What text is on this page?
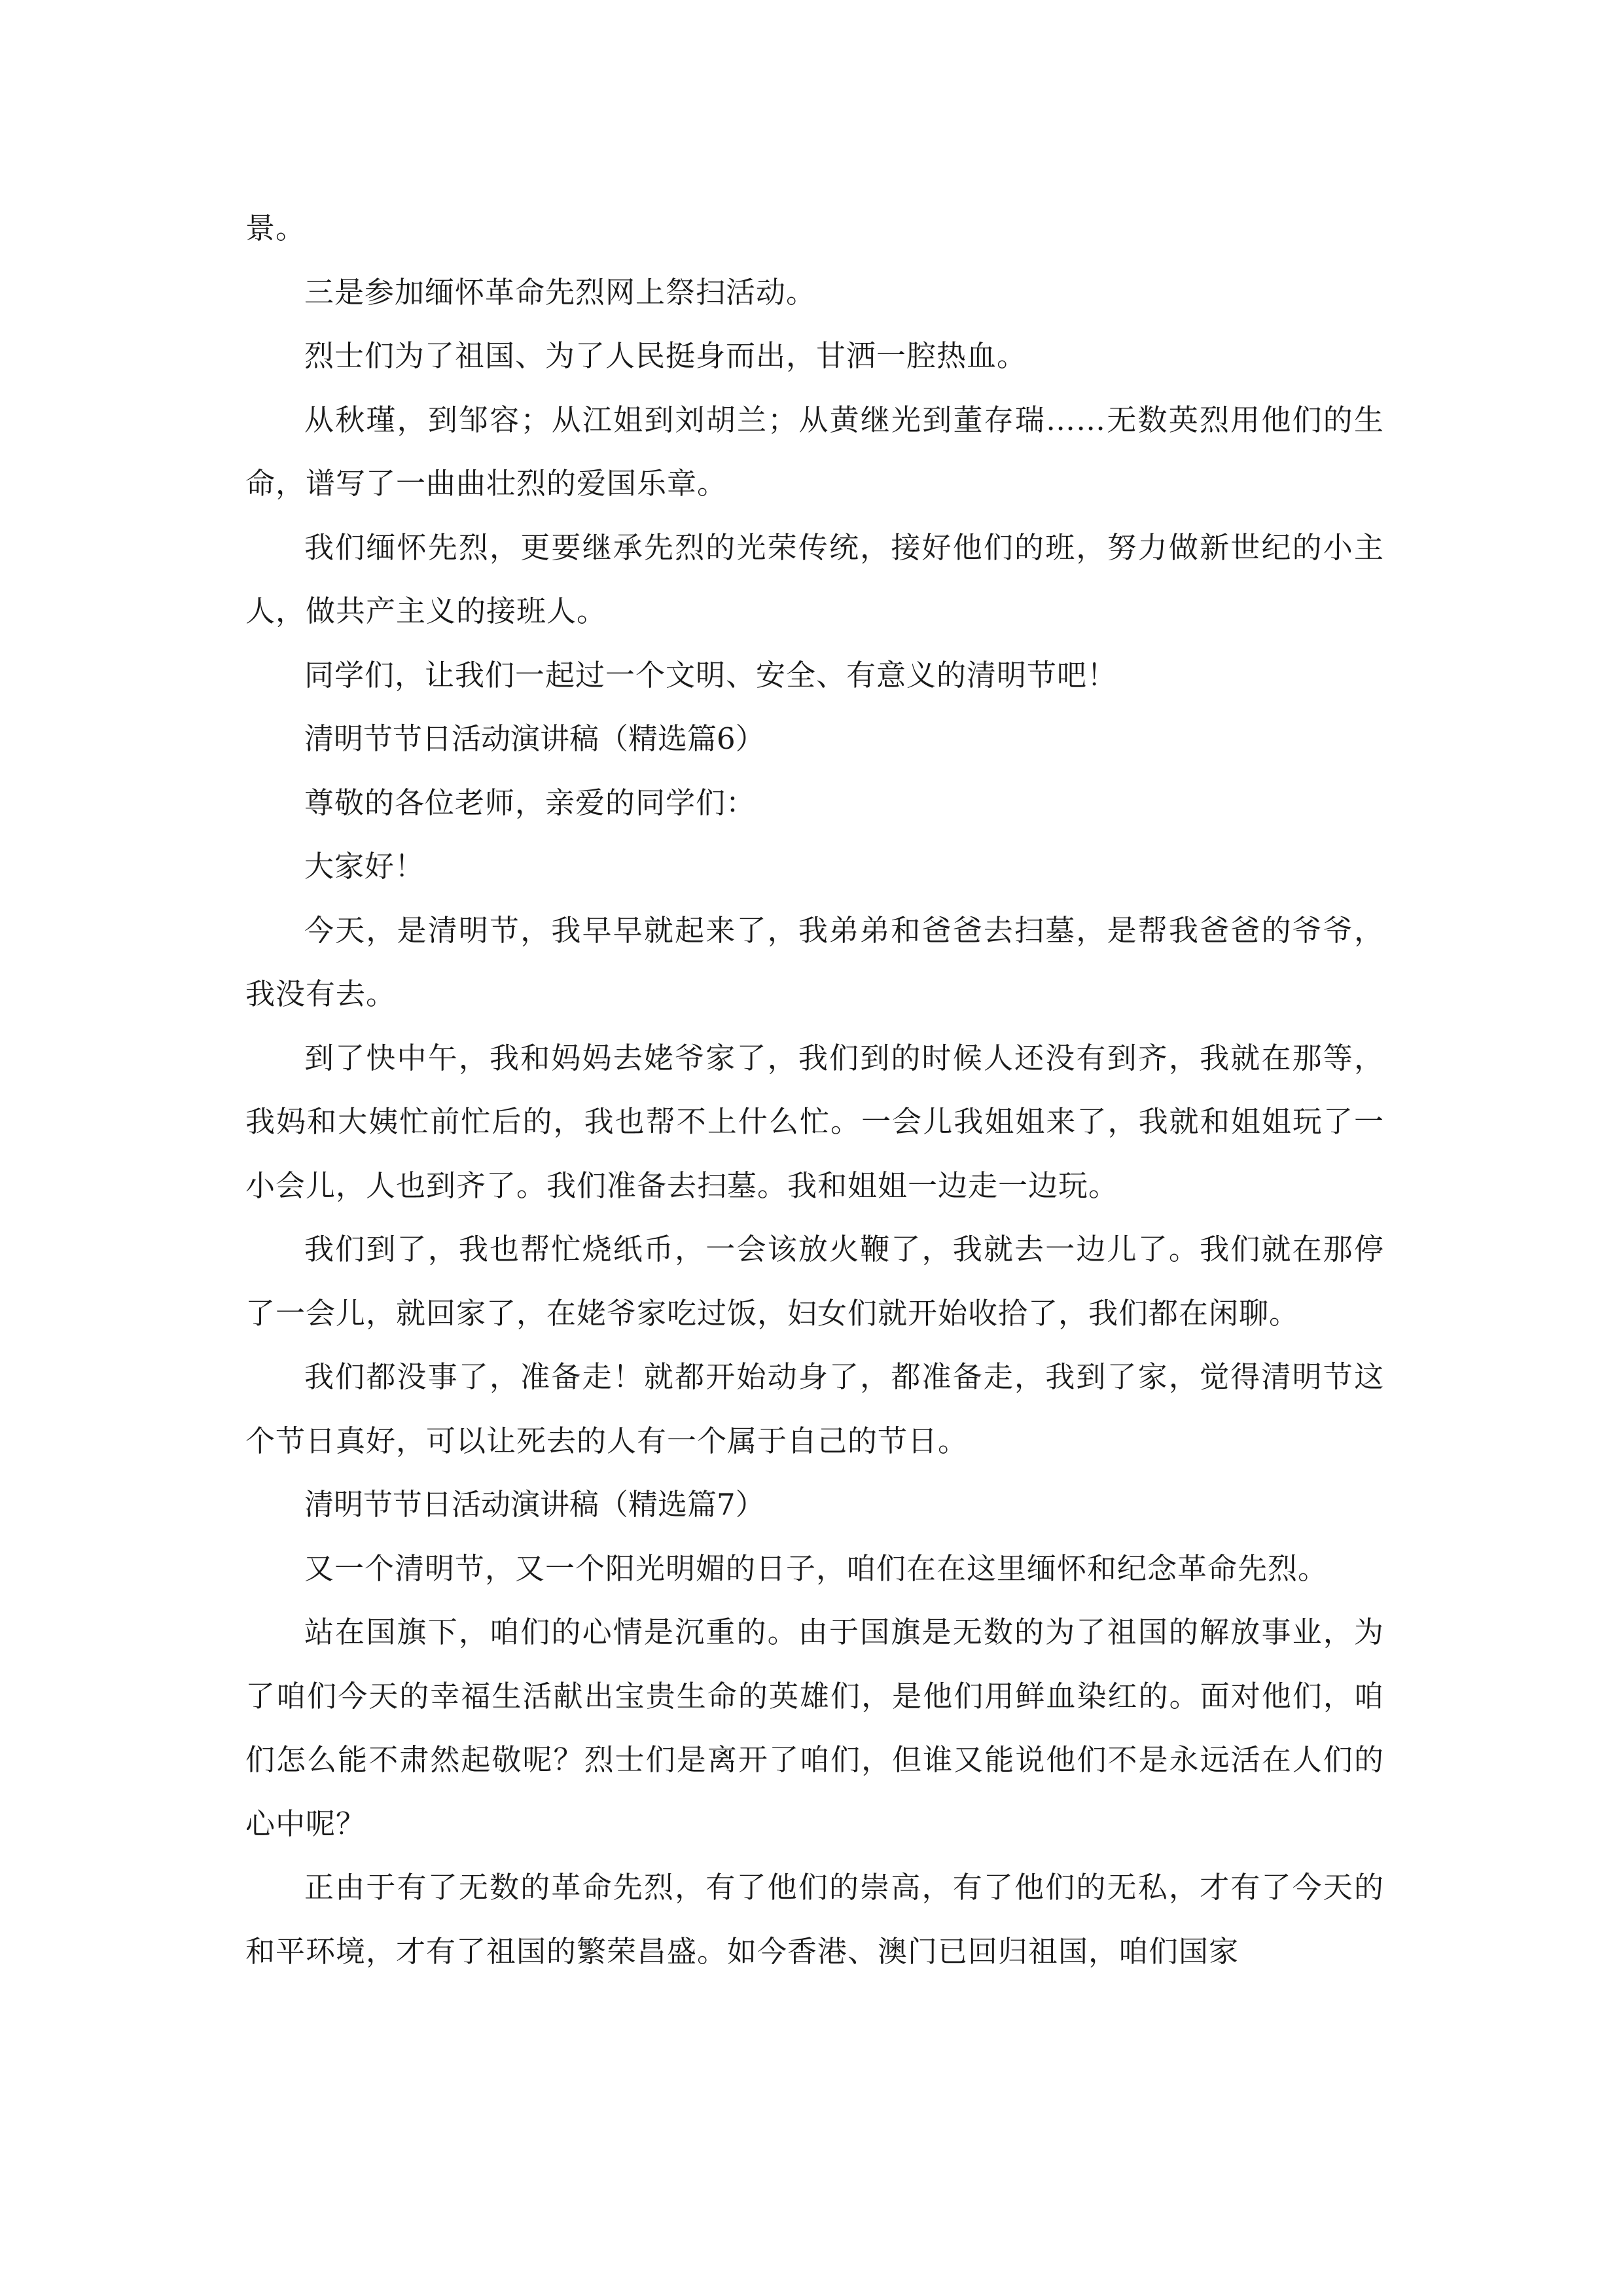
景。

三是参加缅怀革命先烈网上祭扫活动。

烈士们为了祖国、为了人民挺身而出，甘洒一腔热血。

从秋瑾，到邹容；从江姐到刘胡兰；从黄继光到董存瑞……无数英烈用他们的生命，谱写了一曲曲壮烈的爱国乐章。

我们缅怀先烈，更要继承先烈的光荣传统，接好他们的班，努力做新世纪的小主人，做共产主义的接班人。

同学们，让我们一起过一个文明、安全、有意义的清明节吧！

清明节节日活动演讲稿（精选篇6）

尊敬的各位老师，亲爱的同学们：

大家好！

今天，是清明节，我早早就起来了，我弟弟和爸爸去扫墓，是帮我爸爸的爷爷，我没有去。

到了快中午，我和妈妈去姥爷家了，我们到的时候人还没有到齐，我就在那等，我妈和大姨忙前忙后的，我也帮不上什么忙。一会儿我姐姐来了，我就和姐姐玩了一小会儿，人也到齐了。我们准备去扫墓。我和姐姐一边走一边玩。

我们到了，我也帮忙烧纸币，一会该放火鞭了，我就去一边儿了。我们就在那停了一会儿，就回家了，在姥爷家吃过饭，妇女们就开始收拾了，我们都在闲聊。

我们都没事了，准备走！就都开始动身了，都准备走，我到了家，觉得清明节这个节日真好，可以让死去的人有一个属于自己的节日。

清明节节日活动演讲稿（精选篇7）

又一个清明节，又一个阳光明媚的日子，咱们在在这里缅怀和纪念革命先烈。

站在国旗下，咱们的心情是沉重的。由于国旗是无数的为了祖国的解放事业，为了咱们今天的幸福生活献出宝贵生命的英雄们，是他们用鲜血染红的。面对他们，咱们怎么能不肃然起敬呢？烈士们是离开了咱们，但谁又能说他们不是永远活在人们的心中呢？

正由于有了无数的革命先烈，有了他们的崇高，有了他们的无私，才有了今天的和平环境，才有了祖国的繁荣昌盛。如今香港、澳门已回归祖国，咱们国家
